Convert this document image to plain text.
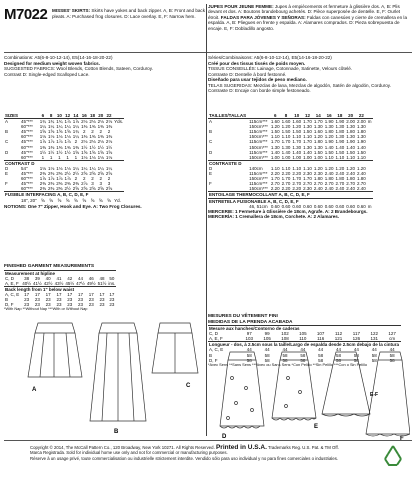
M7022 MISSES' SKIRTS: Skirts have yokes and back zipper. A, B: Front and back pleats. A: Purchased frog closures. D: Lace overlay. E, F: Narrow hem.
JUPES POUR JEUNE FEMME: Jupes à empiècements et fermeture à glissière dos. A, B: Plis devant et dos. A: Boutons brandebourg achetés. D: Pièce superposée de dentelle. E, F: Ourlet étroit. FALDAS PARA JÓVENES Y SEÑORAS: Faldas con canesúes y cierre de cremallera en la espalda. A, B: Pliegues en frente y espalda. A: Alamares comprados. D: Pieza sobrepuesta de encaje. E, F: Dobladillo angosto.
Combinations: A5(6-8-10-12-14), E5(14-16-18-20-22)
Designed for medium weight woven fabrics.
SUGGESTED FABRICS: Wool Blends, Cotton Blends, Sateen, Corduroy.
Contrast D: Single-edged Scalloped Lace.
Séries/Combinaisons: A5(6-8-10-12-14), E5(14-16-18-20-22)
Créé pour des tissus tissés de poids moyen.
TISSUS CONSEILLÉS: Lainage, Cotonnade, Satinette, Velours côtelé.
Contraste D: Dentelle à bord festonné.
Diseñado para usar tejidos de peso mediano.
TELAS SUGERIDAS: Mezclas de lana, Mezclas de algodón, Satén de algodón, Corduroy. Contraste D: Encaje con borde simple festoneado.
SIZES		6	8	10	12	14	16	18	20	22	
A	45"***	1¾	1¾	1¾	1⅞	1⅞	2⅛	2⅛	2⅛	2⅛	Yds.
	60"***	1¼	1¼	1¼	1¼	1¼	1⅜	1⅜	1⅜	1⅜	
B	45"***	1⅝	1⅝	1⅝	1⅝	1¾	2	2	2	2	
	60"***	1⅛	1⅛	1⅛	1⅛	1¼	1⅜	1⅜	1⅜	1⅜	
C	45"***	1⅞	1⅞	1⅞	1⅞	2	2⅛	2⅛	2⅛	2⅛	
	60"***	1⅜	1⅜	1⅜	1⅜	1⅜	1½	1½	1½	1½	
D	45"***	1½	1½	1½	1½	1⅝	1⅝	1⅝	1⅝	1⅝	
	60"***	1	1	1	1	1	1⅛	1⅛	1⅛	1⅛	
CONTRAST D											
D	54"	1⅛	1⅛	1⅛	1⅛	1¼	1¼	1¼	1¼	1¼	
E	45"***	2⅜	2⅜	2⅜	2½	2½	2⅝	2⅝	2⅝	2⅝	
	60"***	1⅞	1⅞	1⅞	1⅞	2	2	2	2	2	
F	45"***	2⅜	2⅜	2⅜	2⅜	2⅜	2⅞	3	3	3	
	60"***	2⅜	2⅜	2⅜	2½	2⅝	2⅝	2⅝	2⅝	2⅝	
FUSIBLE INTERFACING A, B, C, D, E, F											
	18", 20"	⅝	⅝	⅝	⅝	⅝	⅝	⅝	⅝	⅝	Yd.
NOTIONS: One 7" Zipper, Hook and Eye. A: Two Frog Closures.
TAILLES/TALLAS		6	8	10	12	14	16	18	20	22	
A	115cm***	1.60	1.60	1.60	1.70	1.70	1.90	1.90	2.00	2.00	m
	150cm***	1.20	1.20	1.20	1.30	1.30	1.30	1.30	1.30	1.30	
B	115cm***	1.50	1.50	1.50	1.50	1.60	1.80	1.80	1.80	1.80	
	150cm***	1.10	1.10	1.10	1.10	1.20	1.20	1.30	1.30	1.30	
C	115cm***	1.70	1.70	1.70	1.70	1.80	1.90	1.90	1.90	1.90	
	150cm***	1.30	1.30	1.30	1.30	1.30	1.40	1.40	1.40	1.40	
D	115cm***	1.40	1.40	1.40	1.40	1.50	1.50	1.50	1.50	1.50	
	150cm***	1.00	1.00	1.00	1.00	1.00	1.10	1.10	1.10	1.10	
CONTRASTE D											
D	140cm	1.10	1.10	1.10	1.10	1.20	1.20	1.20	1.20	1.20	
E	115cm***	2.20	2.20	2.20	2.30	2.30	2.40	2.40	2.40	2.40	
	150cm***	1.70	1.70	1.70	1.70	1.80	1.80	1.80	1.80	1.80	
F	115cm***	2.70	2.70	2.70	2.70	2.70	2.70	2.70	2.70	2.70	
	150cm***	2.20	2.20	2.20	2.30	2.40	2.40	2.40	2.40	2.40	
ENTOILAGE THERMOCOLLANT A, B, C, D, E, F											
ENTRETELA FUSIONABLE A, B, C, D, E, F											
	46, 51cm	0.60	0.60	0.60	0.60	0.60	0.60	0.60	0.60	0.60	m
MERCERIE: 1 Fermeture à Glissière de 18cm, Agrafe. A: 2 Brandebourgs.
MERCERÍA: 1 Cremallera de 18cm, Corchete. A: 2 Alamares.
FINISHED GARMENT MEASUREMENTS
Measurement at hipline									
C, D	38	39	40	41	42	44	46	48	50
A, E, F	40½	41½	42½	43½	45½	47½	49½	51½	ins.
Back length from 1" below waist									
A, C, E	17	17	17	17	17	17	17	17	17
B	23	23	23	23	23	23	23	23	23
D, F	23	23	23	23	23	23	23	23	23
*With Nap **Without Nap ***With or Without Nap
MESURES DU VÊTEMENT FINI
MEDIDAS DE LA PRENDA ACABADA
Mesure aux hanches/Contorno de caderas									
C, D	97	99	102	105	107	112	117	122	127
A, E, F	103	105	108	110	116	121	126	131	cm
Longueur - dos, à 2.5cm sous la taille/Largo de espalda desde 2.5cm debajo de la cintura									
A, C, E	44	44	44	44	44	44	44	44	44
B	58	58	58	58	58	58	58	58	58
D, F	58	58	58	58	58	58	58	58	58
*Avec Sens **Sans Sens ***Avec ou Sans Sens *Con Pelillo **Sin Pelillo ***Con o Sin Pelillo
A
B
C
D
E
E-F
F
Copyright © 2014, The McCall Pattern Co., 120 Broadway, New York 10271. All Rights Reserved. Printed in U.S.A. Trademarks Reg. U.S. Pat. & TM Off.
Marca Registrada. Sold for individual home use only and not for commercial or manufacturing purposes.
Réserve à un usage privé, toute commercialisation ou industrielle strictement interdite. Vendido sólo para uso individual y no para fines comerciales o industriales.
